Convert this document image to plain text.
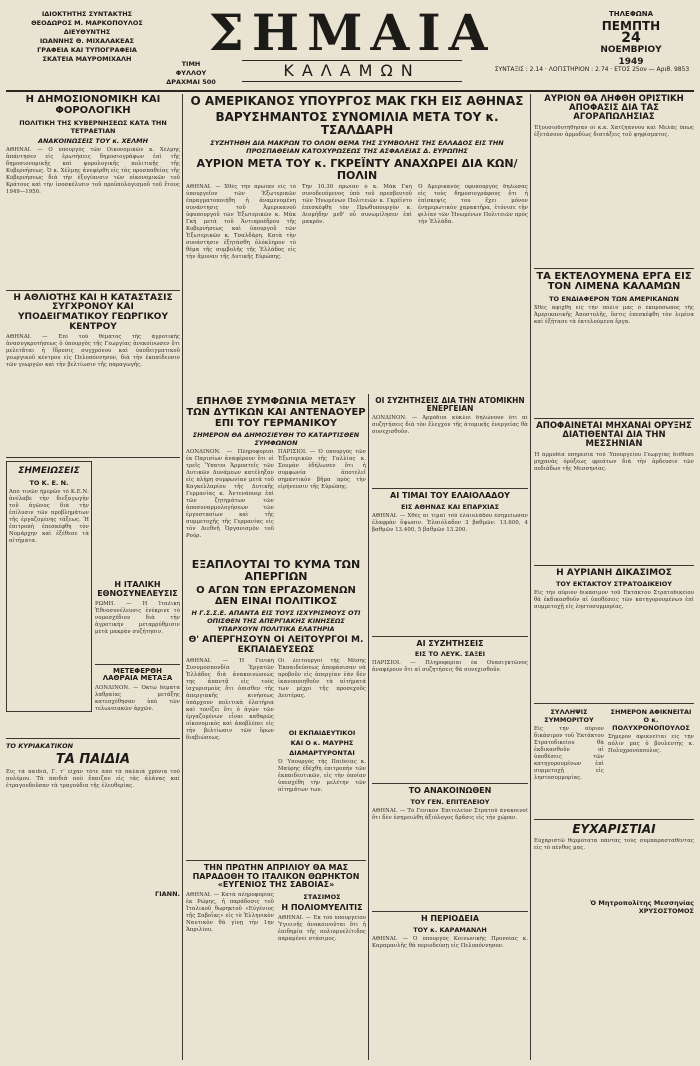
ΙΔΙΟΚΤΗΤΗΣ ΣΥΝΤΑΚΤΗΣ
ΘΕΟΔΩΡΟΣ Μ. ΜΑΡΚΟΠΟΥΛΟΣ
ΔΙΕΥΘΥΝΤΗΣ
ΙΩΑΝΝΗΣ Θ. ΜΙΧΑΛΑΚΕΑΣ
ΓΡΑΦΕΙΑ ΚΑΙ ΤΥΠΟΓΡΑΦΕΙΑ
ΣΚΑΤΕΙΑ ΜΑΥΡΟΜΙΧΑΛΗ
ΤΙΜΗ ΦΥΛΛΟΥ
ΔΡΑΧΜΑΙ 500
ΣΗΜΑΙΑ
ΚΑΛΑΜΩΝ
ΤΗΛΕΦΩΝΑ
ΠΕΜΠΤΗ
24
ΝΟΕΜΒΡΙΟΥ
1949
ΣΥΝΤΑΞΙΣ : 2.14 · ΛΟΓΙΣΤΗΡΙΟΝ : 2.74 · ΕΤΟΣ 25ον — Αριθ. 9853
Η ΔΗΜΟΣΙΟΝΟΜΙΚΗ ΚΑΙ ΦΟΡΟΛΟΓΙΚΗ
ΠΟΛΙΤΙΚΗ ΤΗΣ ΚΥΒΕΡΝΗΣΕΩΣ ΚΑΤΑ ΤΗΝ ΤΕΤΡΑΕΤΙΑΝ
ΑΝΑΚΟΙΝΩΣΕΙΣ ΤΟΥ κ. ΧΕΛΜΗ
ΑΘΗΝΑΙ. — Ο ὑπουργός τῶν Οἰκονομικῶν κ. Χέλμης ἀπάντησεν εἰς ἐρωτήσεις δημοσιογράφων ἐπὶ τῆς δημοσιονομικῆς καὶ φορολογικῆς πολιτικῆς τῆς Κυβερνήσεως. Ὁ κ. Χέλμης ἀνεφέρθη εἰς τὰς προσπαθείας τῆς Κυβερνήσεως διὰ τὴν ἐξυγίανσιν τῶν οἰκονομικῶν τοῦ Κράτους καὶ τὴν ἰσοσκέλισιν τοῦ προϋπολογισμοῦ τοῦ ἔτους 1949—1950.
Η ΑΘΛΙΟΤΗΣ ΚΑΙ Η ΚΑΤΑΣΤΑΣΙΣ ΣΥΓΧΡΟΝΟΥ ΚΑΙ ΥΠΟΔΕΙΓΜΑΤΙΚΟΥ ΓΕΩΡΓΙΚΟΥ ΚΕΝΤΡΟΥ
ΑΘΗΝΑΙ. — Ἐπὶ τοῦ θέματος τῆς ἀγροτικῆς ἀνασυγκροτήσεως ὁ ὑπουργὸς τῆς Γεωργίας ἀνεκοίνωσεν ὅτι μελετᾶται ἡ ἵδρυσις συγχρόνου καὶ ὑποδειγματικοῦ γεωργικοῦ κέντρου εἰς Πελοπόννησον, διὰ τὴν ἐκπαίδευσιν τῶν γεωργῶν καὶ τὴν βελτίωσιν τῆς παραγωγῆς.
ΣΗΜΕΙΩΣΕΙΣ
ΤΟ Κ. Ε. Ν.
Ἀπὸ τινῶν ἡμερῶν τὸ Κ.Ε.Ν. ἀνέλαβε τὴν διεξαγωγὴν τοῦ ἀγῶνος διὰ τὴν ἐπίλυσιν τῶν προβλημάτων τῆς ἐργαζομένης τάξεως. Ἡ ἐπιτροπὴ ἐπεσκέφθη τὸν Νομάρχην καὶ ἐξέθεσε τὰ αἰτήματα.
Η ΙΤΑΛΙΚΗ ΕΘΝΟΣΥΝΕΛΕΥΣΙΣ
ΡΩΜΗ. — Ἡ Ἰταλικὴ Ἐθνοσυνέλευσις ἐνέκρινε τὸ νομοσχέδιον διὰ τὴν ἀγροτικὴν μεταρρύθμισιν μετὰ μακρὰν συζήτησιν.
ΜΕΤΕΦΕΡΘΗ ΛΑΘΡΑΙΑ ΜΕΤΑΞΑ
ΛΟΝΔΙΝΟΝ. — Ὀκτὼ δέματα λαθραίας μετάξης κατεσχέθησαν ὑπὸ τῶν τελωνειακῶν ἀρχῶν.
ΤΟ ΚΥΡΙΑΚΑΤΙΚΟΝ
ΤΑ ΠΑΙΔΙΑ
Εἰς τὰ παιδιά, Γ. τ' εἶχαν τότε ἀπὸ τὰ παλαιὰ χρόνια τοῦ πολέμου. Τὰ παιδιὰ ποὺ ἔπαιζαν εἰς τὰς ἀλάνας καὶ ἐτραγουδοῦσαν τὰ τραγούδια τῆς ἐλευθερίας.
ΓΙΑΝΝ.
Ο ΑΜΕΡΙΚΑΝΟΣ ΥΠΟΥΡΓΟΣ ΜΑΚ ΓΚΗ ΕΙΣ ΑΘΗΝΑΣ
ΒΑΡΥΣΗΜΑΝΤΟΣ ΣΥΝΟΜΙΛΙΑ ΜΕΤΑ ΤΟΥ κ. ΤΣΑΛΔΑΡΗ
ΣΥΖΗΤΗΘΗ ΔΙΑ ΜΑΚΡΩΝ ΤΟ ΟΛΟΝ ΘΕΜΑ ΤΗΣ ΣΥΜΒΟΛΗΣ ΤΗΣ ΕΛΛΑΔΟΣ ΕΙΣ ΤΗΝ ΠΡΟΣΠΑΘΕΙΑΝ ΚΑΤΟΧΥΡΩΣΕΩΣ ΤΗΣ ΑΣΦΑΛΕΙΑΣ Δ. ΕΥΡΩΠΗΣ
ΑΥΡΙΟΝ ΜΕΤΑ ΤΟΥ κ. ΓΚΡΕΪΝΤΥ ΑΝΑΧΩΡΕΙ ΔΙΑ ΚΩΝ/ΠΟΛΙΝ
ΑΘΗΝΑΙ. — Χθὲς τὴν πρωΐαν εἰς τὸ ὑπουργεῖον τῶν Ἐξωτερικῶν ἐπραγματοποιήθη ἡ ἀναμενομένη συνάντησις τοῦ Ἀμερικανοῦ ὑφυπουργοῦ τῶν Ἐξωτερικῶν κ. Μὰκ Γκὴ μετὰ τοῦ Ἀντιπροέδρου τῆς Κυβερνήσεως καὶ ὑπουργοῦ τῶν Ἐξωτερικῶν κ. Τσαλδάρη. Κατὰ τὴν συνάντησιν ἐξητάσθη ὁλόκληρον τὸ θέμα τῆς συμβολῆς τῆς Ἑλλάδος εἰς τὴν ἄμυναν τῆς Δυτικῆς Εὐρώπης.
Τὴν 10.30 πρωΐαν ὁ κ. Μὰκ Γκὴ συνοδευόμενος ὑπὸ τοῦ πρεσβευτοῦ τῶν Ἡνωμένων Πολιτειῶν κ. Γκρέϊντυ ἐπεσκέφθη τὸν Πρωθυπουργὸν κ. Διομήδην μεθ' οὗ συνωμίλησεν ἐπὶ μακρόν.
Ὁ Ἀμερικανὸς ὑφυπουργὸς δηλώσας εἰς τοὺς δημοσιογράφους ὅτι ἡ ἐπίσκεψίς του ἔχει μόνον ἐνημερωτικὸν χαρακτῆρα, ἐτόνισε τὴν φιλίαν τῶν Ἡνωμένων Πολιτειῶν πρὸς τὴν Ἑλλάδα.
ΕΠΗΛΘΕ ΣΥΜΦΩΝΙΑ ΜΕΤΑΞΥ ΤΩΝ ΔΥΤΙΚΩΝ ΚΑΙ ΑΝΤΕΝΑΟΥΕΡ ΕΠΙ ΤΟΥ ΓΕΡΜΑΝΙΚΟΥ
ΣΗΜΕΡΟΝ ΘΑ ΔΗΜΟΣΙΕΥΘΗ ΤΟ ΚΑΤΑΡΤΙΣΘΕΝ ΣΥΜΦΩΝΟΝ
ΛΟΝΔΙΝΟΝ. — Πληροφορίαι ἐκ Παρισίων ἀναφέρουν ὅτι οἱ τρεῖς Ὕπατοι Ἁρμοστεῖς τῶν Δυτικῶν Δυνάμεων κατέληξαν εἰς πλήρη συμφωνίαν μετὰ τοῦ Καγκελλαρίου τῆς Δυτικῆς Γερμανίας κ. Ἀντενάουερ ἐπὶ τῶν ζητημάτων τῶν ἀποσυναρμολογήσεων τῶν ἐργοστασίων καὶ τῆς συμμετοχῆς τῆς Γερμανίας εἰς τὸν Διεθνῆ Ὀργανισμὸν τοῦ Ρούρ.
ΠΑΡΙΣΙΟΙ. — Ὁ ὑπουργὸς τῶν Ἐξωτερικῶν τῆς Γαλλίας κ. Σουμὰν ἐδήλωσεν ὅτι ἡ συμφωνία ἀποτελεῖ σημαντικὸν βῆμα πρὸς τὴν εἰρήνευσιν τῆς Εὐρώπης.
ΕΞΑΠΛΟΥΤΑΙ ΤΟ ΚΥΜΑ ΤΩΝ ΑΠΕΡΓΙΩΝ
Ο ΑΓΩΝ ΤΩΝ ΕΡΓΑΖΟΜΕΝΩΝ ΔΕΝ ΕΙΝΑΙ ΠΟΛΙΤΙΚΟΣ
Η Γ.Σ.Σ.Ε. ΑΠΑΝΤΑ ΕΙΣ ΤΟΥΣ ΙΣΧΥΡΙΣΜΟΥΣ ΟΤΙ ΟΠΙΣΘΕΝ ΤΗΣ ΑΠΕΡΓΙΑΚΗΣ ΚΙΝΗΣΕΩΣ ΥΠΑΡΧΟΥΝ ΠΟΛΙΤΙΚΑ ΕΛΑΤΗΡΙΑ
Θ' ΑΠΕΡΓΗΣΟΥΝ ΟΙ ΛΕΙΤΟΥΡΓΟΙ Μ. ΕΚΠΑΙΔΕΥΣΕΩΣ
ΑΘΗΝΑΙ. — Ἡ Γενικὴ Συνομοσπονδία Ἐργατῶν Ἑλλάδος διὰ ἀνακοινώσεώς της ἀπαντᾷ εἰς τοὺς ἰσχυρισμοὺς ὅτι ὀπισθεν τῆς ἀπεργιακῆς κινήσεως ὑπάρχουν πολιτικὰ ἐλατήρια καὶ τονίζει ὅτι ὁ ἀγὼν τῶν ἐργαζομένων εἶναι καθαρῶς οἰκονομικὸς καὶ ἀποβλέπει εἰς τὴν βελτίωσιν τῶν ὅρων διαβιώσεως.
Οἱ λειτουργοὶ τῆς Μέσης Ἐκπαιδεύσεως ἀπεφάσισαν νὰ προβοῦν εἰς ἀπεργίαν ἐὰν δὲν ἱκανοποιηθοῦν τὰ αἰτήματά των μέχρι τῆς προσεχοῦς Δευτέρας.
ΟΙ ΕΚΠΑΙΔΕΥΤΙΚΟΙ
ΚΑΙ Ο κ. ΜΑΥΡΗΣ
ΔΙΑΜΑΡΤΥΡΟΝΤΑΙ
Ὁ Ὑπουργὸς τῆς Παιδείας κ. Μαύρης ἐδέχθη ἐπιτροπὴν τῶν ἐκπαιδευτικῶν, εἰς τὴν ὁποίαν ὑπεσχέθη τὴν μελέτην τῶν αἰτημάτων των.
ΤΗΝ ΠΡΩΤΗΝ ΑΠΡΙΛΙΟΥ ΘΑ ΜΑΣ ΠΑΡΑΔΟΘΗ ΤΟ ΙΤΑΛΙΚΟΝ ΘΩΡΗΚΤΟΝ «ΕΥΓΕΝΙΟΣ ΤΗΣ ΣΑΒΟΙΑΣ»
ΑΘΗΝΑΙ. — Κατὰ πληροφορίας ἐκ Ρώμης, ἡ παράδοσις τοῦ Ἰταλικοῦ θωρηκτοῦ «Εὐγένιος τῆς Σαβοΐας» εἰς τὸ Ἑλληνικὸν Ναυτικὸν θὰ γίνῃ τὴν 1ην Ἀπριλίου.
ΣΤΑΣΙΜΟΣ
Η ΠΟΛΙΟΜΥΕΛΙΤΙΣ
ΑΘΗΝΑΙ. — Ἐκ τοῦ ὑπουργείου Ὑγιεινῆς ἀνακοινοῦται ὅτι ἡ ἐπιδημία τῆς πολιομυελίτιδος παραμένει στάσιμος.
ΟΙ ΣΥΖΗΤΗΣΕΙΣ ΔΙΑ ΤΗΝ ΑΤΟΜΙΚΗΝ ΕΝΕΡΓΕΙΑΝ
ΛΟΝΔΙΝΟΝ. — Ἀρμόδιοι κύκλοι δηλώνουν ὅτι αἱ συζητήσεις διὰ τὸν ἔλεγχον τῆς ἀτομικῆς ἐνεργείας θὰ συνεχισθοῦν.
ΑΙ ΤΙΜΑΙ ΤΟΥ ΕΛΑΙΟΛΑΔΟΥ
ΕΙΣ ΑΘΗΝΑΣ ΚΑΙ ΕΠΑΡΧΙΑΣ
ΑΘΗΝΑΙ. — Χθὲς αἱ τιμαὶ τοῦ ἐλαιολάδου ἐσημείωσαν ἐλαφρὰν ὕψωσιν. Ἐλαιόλαδον 3 βαθμῶν: 13.600, 4 βαθμῶν 13.400, 5 βαθμῶν 13.200.
ΑΙ ΣΥΖΗΤΗΣΕΙΣ
ΕΙΣ ΤΟ ΛΕΥΚ. ΣΑΞΕΙ
ΠΑΡΙΣΙΟΙ. — Πληροφορίαι ἐκ Οὐασιγκτῶνος ἀναφέρουν ὅτι αἱ συζητήσεις θὰ συνεχισθοῦν.
ΤΟ ΑΝΑΚΟΙΝΩΘΕΝ
ΤΟΥ ΓΕΝ. ΕΠΙΤΕΛΕΙΟΥ
ΑΘΗΝΑΙ. — Τὸ Γενικὸν Ἐπιτελεῖον Στρατοῦ ἀνακοινοῖ ὅτι δὲν ἐσημειώθη ἀξιόλογος δρᾶσις εἰς τὴν χώραν.
Η ΠΕΡΙΟΔΕΙΑ
ΤΟΥ κ. ΚΑΡΑΜΑΝΛΗ
ΑΘΗΝΑΙ. — Ὁ ὑπουργὸς Κοινωνικῆς Προνοίας κ. Καραμανλῆς θὰ περιοδεύσῃ εἰς Πελοπόννησον.
ΑΥΡΙΟΝ ΘΑ ΛΗΦΘΗ ΟΡΙΣΤΙΚΗ ΑΠΟΦΑΣΙΣ ΔΙΑ ΤΑΣ ΑΓΟΡΑΠΩΛΗΣΙΑΣ
Ἐξουσιοδοτήθησαν οἱ κ.κ. Χατζηάννου καὶ Μελάς ὅπως ἐξετάσουν ἀρμοδίως διατάξεις τοῦ ψηφίσματος.
ΤΑ ΕΚΤΕΛΟΥΜΕΝΑ ΕΡΓΑ ΕΙΣ ΤΟΝ ΛΙΜΕΝΑ ΚΑΛΑΜΩΝ
ΤΟ ΕΝΔΙΑΦΕΡΟΝ ΤΩΝ ΑΜΕΡΙΚΑΝΩΝ
Χθὲς ἀφίχθη εἰς τὴν πόλιν μας ὁ ἐκπρόσωπος τῆς Ἀμερικανικῆς Ἀποστολῆς, ὅστις ἐπεσκέφθη τὸν λιμένα καὶ ἐξήτασε τὰ ἐκτελούμενα ἔργα.
ΑΠΟΦΑΙΝΕΤΑΙ ΜΗΧΑΝΑΙ ΟΡΥΞΗΣ ΔΙΑΤΙΘΕΝΤΑΙ ΔΙΑ ΤΗΝ ΜΕΣΣΗΝΙΑΝ
Ἡ ἁρμοδία ὑπηρεσία τοῦ Ὑπουργείου Γεωργίας διέθεσε μηχανὰς ὀρύξεως φρεάτων διὰ τὴν ἀρδευσιν τῶν πεδιάδων τῆς Μεσσηνίας.
Η ΑΥΡΙΑΝΗ ΔΙΚΑΣΙΜΟΣ
ΤΟΥ ΕΚΤΑΚΤΟΥ ΣΤΡΑΤΟΔΙΚΕΙΟΥ
Εἰς τὴν αὔριον δικάσιμον τοῦ Ἐκτάκτου Στρατοδικείου θὰ ἐκδικασθοῦν αἱ ὑποθέσεις τῶν κατηγορουμένων ἐπὶ συμμετοχῇ εἰς ληστοσυμμορίας.
ΣΥΛΛΗΨΙΣ ΣΥΜΜΟΡΙΤΟΥ
Εἰς τὴν αὔριον δικάσιμον τοῦ Ἐκτάκτου Στρατοδικείου θὰ ἐκδικασθοῦν αἱ ὑποθέσεις τῶν κατηγορουμένων ἐπὶ συμμετοχῇ εἰς ληστοσυμμορίας.
ΣΗΜΕΡΟΝ ΑΦΙΚΝΕΙΤΑΙ Ο κ. ΠΟΛΥΧΡΟΝΟΠΟΥΛΟΣ
Σήμερον ἀφικνεῖται εἰς τὴν πόλιν μας ὁ βουλευτὴς κ. Πολυχρονόπουλος.
ΕΥΧΑΡΙΣΤΙΑΙ
Εὐχαριστῶ θερμότατα πάντας τοὺς συμπαρασταθέντας εἰς τὸ πένθος μας.
Ὁ Μητροπολίτης Μεσσηνίας ΧΡΥΣΟΣΤΟΜΟΣ
